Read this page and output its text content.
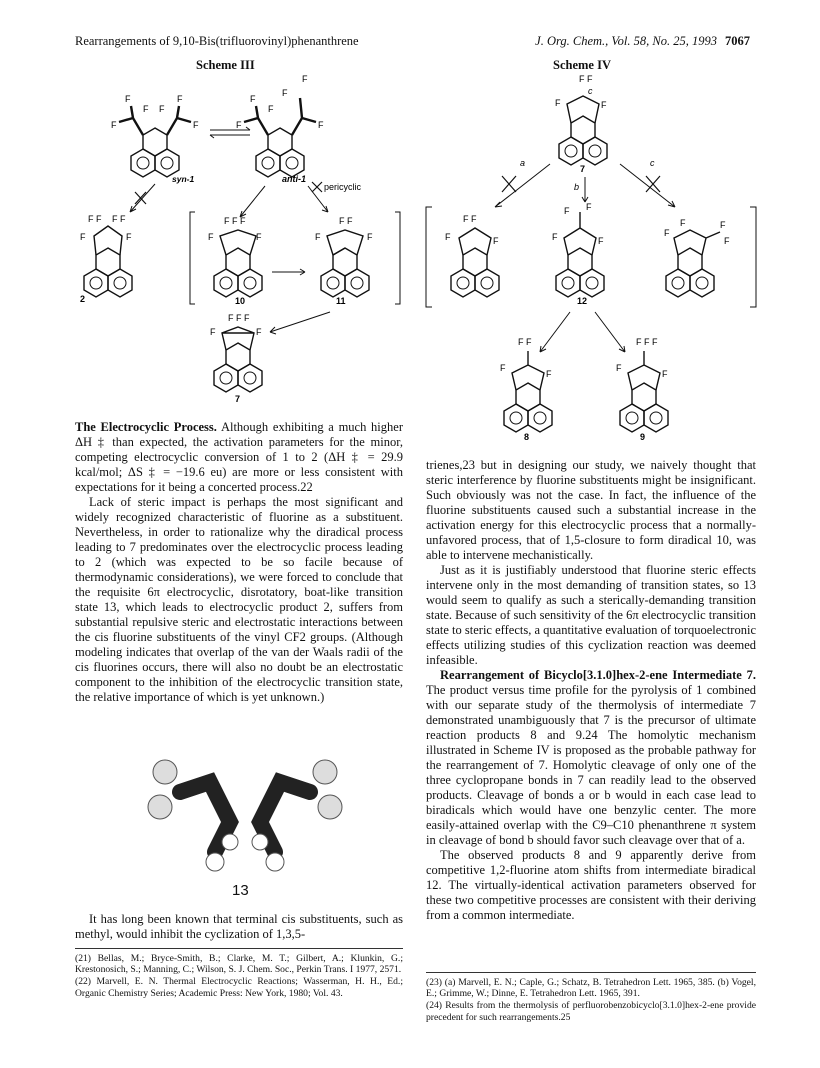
Rearrangements of 9,10-Bis(trifluorovinyl)phenanthrene	J. Org. Chem., Vol. 58, No. 25, 1993 7067
Scheme III
F
F
F F
F
F
syn-1
F
F
F
F
F
F
anti-1
pericyclic
F
F F F F
F
2
F
F F F
F
10
F
F F
F
11
F
F F F
F
7
Scheme IV
F
F F
F
7
c
a
b
c
F
F F
F	F
F
F
F
12
F
F	F
F
F
F F
F
8
F
F F F
F
9

The Electrocyclic Process. Although exhibiting a much higher ΔH ‡ than expected, the activation parameters for the minor, competing electrocyclic conversion of 1 to 2 (ΔH ‡ = 29.9 kcal/mol; ΔS ‡ = −19.6 eu) are more or less consistent with expectations for it being a concerted process.22

Lack of steric impact is perhaps the most significant and widely recognized characteristic of fluorine as a substituent. Nevertheless, in order to rationalize why the diradical process leading to 7 predominates over the electrocyclic process leading to 2 (which was expected to be so facile because of thermodynamic considerations), we were forced to conclude that the requisite 6π electrocyclic, disrotatory, boat-like transition state 13, which leads to electrocyclic product 2, suffers from substantial repulsive steric and electrostatic interactions between the cis fluorine substituents of the vinyl CF2 groups. (Although modeling indicates that overlap of the van der Waals radii of the cis fluorines occurs, there will also no doubt be an electrostatic component to the inhibition of the electrocyclic transition state, the relative importance of which is yet unknown.)

13

It has long been known that terminal cis substituents, such as methyl, would inhibit the cyclization of 1,3,5-

(21) Bellas, M.; Bryce-Smith, B.; Clarke, M. T.; Gilbert, A.; Klunkin, G.; Krestonosich, S.; Manning, C.; Wilson, S. J. Chem. Soc., Perkin Trans. I 1977, 2571.

(22) Marvell, E. N. Thermal Electrocyclic Reactions; Wasserman, H. H., Ed.; Organic Chemistry Series; Academic Press: New York, 1980; Vol. 43.

trienes,23 but in designing our study, we naively thought that steric interference by fluorine substituents might be insignificant. Such obviously was not the case. In fact, the influence of the fluorine substituents caused such a substantial increase in the activation energy for this electrocyclic process that a normally-unfavored process, that of 1,5-closure to form diradical 10, was able to intervene mechanistically.

Just as it is justifiably understood that fluorine steric effects intervene only in the most demanding of transition states, so 13 would seem to qualify as such a sterically-demanding transition state. Because of such sensitivity of the 6π electrocyclic transition state to steric effects, a quantitative evaluation of torquoelectronic effects utilizing studies of this cyclization reaction was deemed infeasible.

Rearrangement of Bicyclo[3.1.0]hex-2-ene Intermediate 7. The product versus time profile for the pyrolysis of 1 combined with our separate study of the thermolysis of intermediate 7 demonstrated unambiguously that 7 is the precursor of ultimate reaction products 8 and 9.24 The homolytic mechanism illustrated in Scheme IV is proposed as the probable pathway for the rearrangement of 7. Homolytic cleavage of only one of the three cyclopropane bonds in 7 can readily lead to the observed products. Cleavage of bonds a or b would in each case lead to biradicals which would have one benzylic center. The more easily-attained overlap with the C9–C10 phenanthrene π system in cleavage of bond b should favor such cleavage over that of a.

The observed products 8 and 9 apparently derive from competitive 1,2-fluorine atom shifts from intermediate biradical 12. The virtually-identical activation parameters observed for these two competitive processes are consistent with their deriving from a common intermediate.

(23) (a) Marvell, E. N.; Caple, G.; Schatz, B. Tetrahedron Lett. 1965, 385. (b) Vogel, E.; Grimme, W.; Dinne, E. Tetrahedron Lett. 1965, 391.

(24) Results from the thermolysis of perfluorobenzobicyclo[3.1.0]hex-2-ene provide precedent for such rearrangements.25
